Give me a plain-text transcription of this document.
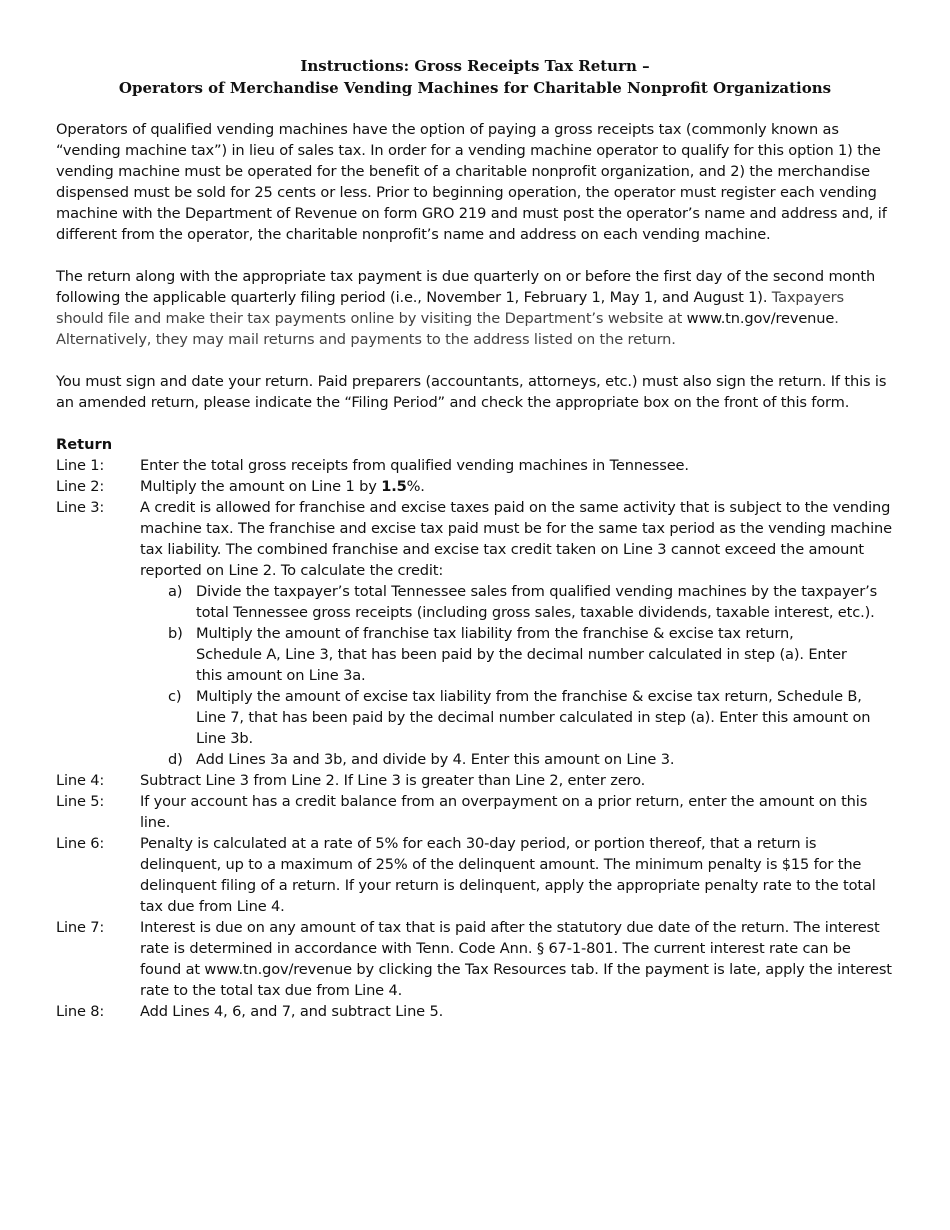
Instructions: Gross Receipts Tax Return –
Operators of Merchandise Vending Machines for Charitable Nonprofit Organizations

Operators of qualified vending machines have the option of paying a gross receipts tax (commonly known as “vending machine tax”) in lieu of sales tax. In order for a vending machine operator to qualify for this option 1) the vending machine must be operated for the benefit of a charitable nonprofit organization, and 2) the merchandise dispensed must be sold for 25 cents or less. Prior to beginning operation, the operator must register each vending machine with the Department of Revenue on form GRO 219 and must post the operator’s name and address and, if different from the operator, the charitable nonprofit’s name and address on each vending machine.

The return along with the appropriate tax payment is due quarterly on or before the first day of the second month following the applicable quarterly filing period (i.e., November 1, February 1, May 1, and August 1). Taxpayers should file and make their tax payments online by visiting the Department’s website at www.tn.gov/revenue. Alternatively, they may mail returns and payments to the address listed on the return.

You must sign and date your return. Paid preparers (accountants, attorneys, etc.) must also sign the return. If this is an amended return, please indicate the “Filing Period” and check the appropriate box on the front of this form.

Return
Line 1:	Enter the total gross receipts from qualified vending machines in Tennessee.
Line 2:	Multiply the amount on Line 1 by 1.5%.
Line 3:	A credit is allowed for franchise and excise taxes paid on the same activity that is subject to the vending machine tax. The franchise and excise tax paid must be for the same tax period as the vending machine tax liability. The combined franchise and excise tax credit taken on Line 3 cannot exceed the amount reported on Line 2. To calculate the credit:
a) Divide the taxpayer’s total Tennessee sales from qualified vending machines by the taxpayer’s total Tennessee gross receipts (including gross sales, taxable dividends, taxable interest, etc.).
b) Multiply the amount of franchise tax liability from the franchise & excise tax return,
Schedule A, Line 3, that has been paid by the decimal number calculated in step (a). Enter
this amount on Line 3a.
c) Multiply the amount of excise tax liability from the franchise & excise tax return, Schedule B, Line 7, that has been paid by the decimal number calculated in step (a). Enter this amount on Line 3b.
d) Add Lines 3a and 3b, and divide by 4. Enter this amount on Line 3.
Line 4:	Subtract Line 3 from Line 2. If Line 3 is greater than Line 2, enter zero.
Line 5:	If your account has a credit balance from an overpayment on a prior return, enter the amount on this line.
Line 6:	Penalty is calculated at a rate of 5% for each 30-day period, or portion thereof, that a return is delinquent, up to a maximum of 25% of the delinquent amount. The minimum penalty is $15 for the delinquent filing of a return. If your return is delinquent, apply the appropriate penalty rate to the total tax due from Line 4.
Line 7:	Interest is due on any amount of tax that is paid after the statutory due date of the return. The interest rate is determined in accordance with Tenn. Code Ann. § 67-1-801. The current interest rate can be found at www.tn.gov/revenue by clicking the Tax Resources tab. If the payment is late, apply the interest rate to the total tax due from Line 4.
Line 8:	Add Lines 4, 6, and 7, and subtract Line 5.
